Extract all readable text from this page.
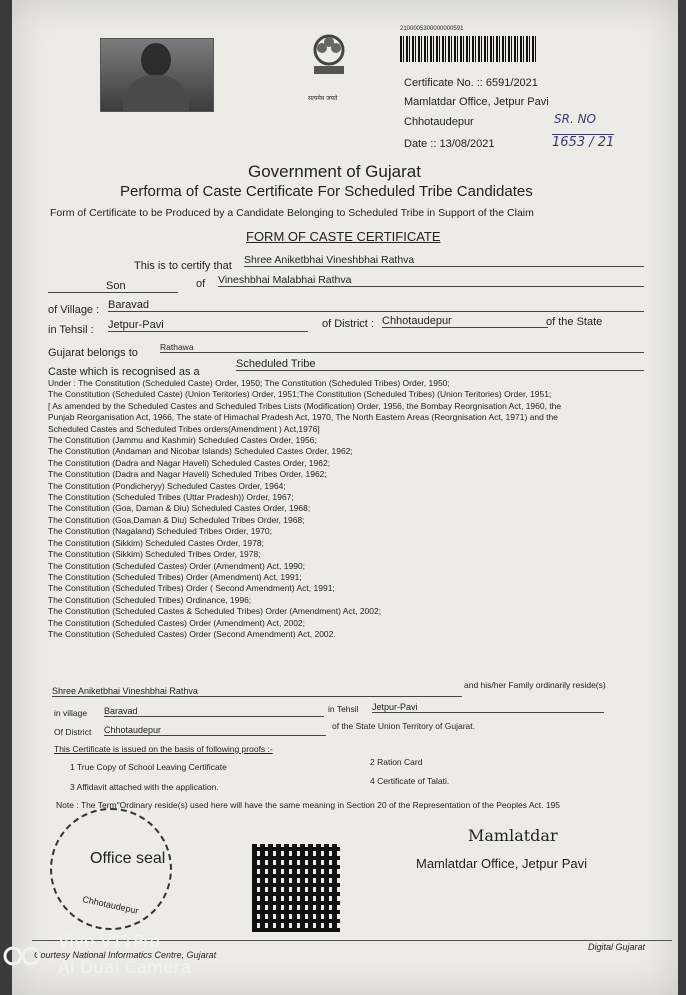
सत्यमेव जयते
2100005300000000591
Certificate No. :: 6591/2021
Mamlatdar Office, Jetpur Pavi
Chhotaudepur
Date :: 13/08/2021
SR. NO
1653 / 21
Government of Gujarat
Performa of Caste Certificate For Scheduled Tribe Candidates
Form of Certificate to be Produced by a Candidate Belonging to Scheduled Tribe in Support of the Claim
FORM OF CASTE CERTIFICATE
This is to certify that Shree Aniketbhai Vineshbhai Rathva
Son	of Vineshbhai Malabhai Rathva
of Village : Baravad
in Tehsil : Jetpur-Pavi	of District : Chhotaudepur	of the State
Gujarat belongs to	Rathawa
Caste which is recognised as a
Scheduled Tribe
Under : The Constitution (Scheduled Caste) Order, 1950; The Constitution (Scheduled Tribes) Order, 1950;
The Constitution (Scheduled Caste) (Union Teritories) Order, 1951;The Constitution (Scheduled Tribes) (Union Teritories) Order, 1951;
[ As amended by the Scheduled Castes and Scheduled Tribes Lists (Modification) Order, 1956, the Bombay Reorgnisation Act, 1960, the
Punjab Reorganisation Act, 1966, The state of Himachal Pradesh Act, 1970, The North Eastern Areas (Reorgnisation Act, 1971) and the
Scheduled Castes and Scheduled Tribes orders(Amendment ) Act,1976]
The Constitution (Jammu and Kashmir) Scheduled Castes Order, 1956;
The Constitution (Andaman and Nicobar Islands) Scheduled Castes Order, 1962;
The Constitution (Dadra and Nagar Haveli) Scheduled Castes Order, 1962;
The Constitution (Dadra and Nagar Haveli) Scheduled Tribes Order, 1962;
The Constitution (Pondicheryy) Scheduled Castes Order, 1964;
The Constitution (Scheduled Tribes (Uttar Pradesh)) Order, 1967;
The Constitution (Goa, Daman & Diu) Scheduled Castes Order, 1968;
The Constitution (Goa,Daman & Diu) Scheduled Tribes Order, 1968;
The Constitution (Nagaland) Scheduled Tribes Order, 1970;
The Constitution (Sikkim) Scheduled Castes Order, 1978;
The Constitution (Sikkim) Scheduled Tribes Order, 1978;
The Constitution (Scheduled Castes) Order (Amendment) Act, 1990;
The Constitution (Scheduled Tribes) Order (Amendment) Act, 1991;
The Constitution (Scheduled Tribes) Order ( Second Amendment) Act, 1991;
The Constitution (Scheduled Tribes) Ordinance, 1996;
The Constitution (Scheduled Castes & Scheduled Tribes) Order (Amendment) Act, 2002;
The Constitution (Scheduled Castes) Order (Amendment) Act, 2002;
The Constitution (Scheduled Castes) Order (Second Amendment) Act, 2002.
Shree Aniketbhai Vineshbhai Rathva
and his/her Family ordinarily reside(s)
in village Baravad	in Tehsil Jetpur-Pavi
Of District Chhotaudepur	of the State Union Territory of Gujarat.
This Certificate is issued on the basis of following proofs :-
1 True Copy of School Leaving Certificate	2 Ration Card
3 Affidavit attached with the application.
4 Certificate of Talati.
Note : The Term"Ordinary reside(s) used here will have the same meaning in Section 20 of the Representation of the Peoples Act. 195
Office seal
Chhotaudepur
Mamlatdar
Mamlatdar Office, Jetpur Pavi
Courtesy National Informatics Centre, Gujarat
Digital Gujarat
Vivo V11Pro
AI Dual Camera
